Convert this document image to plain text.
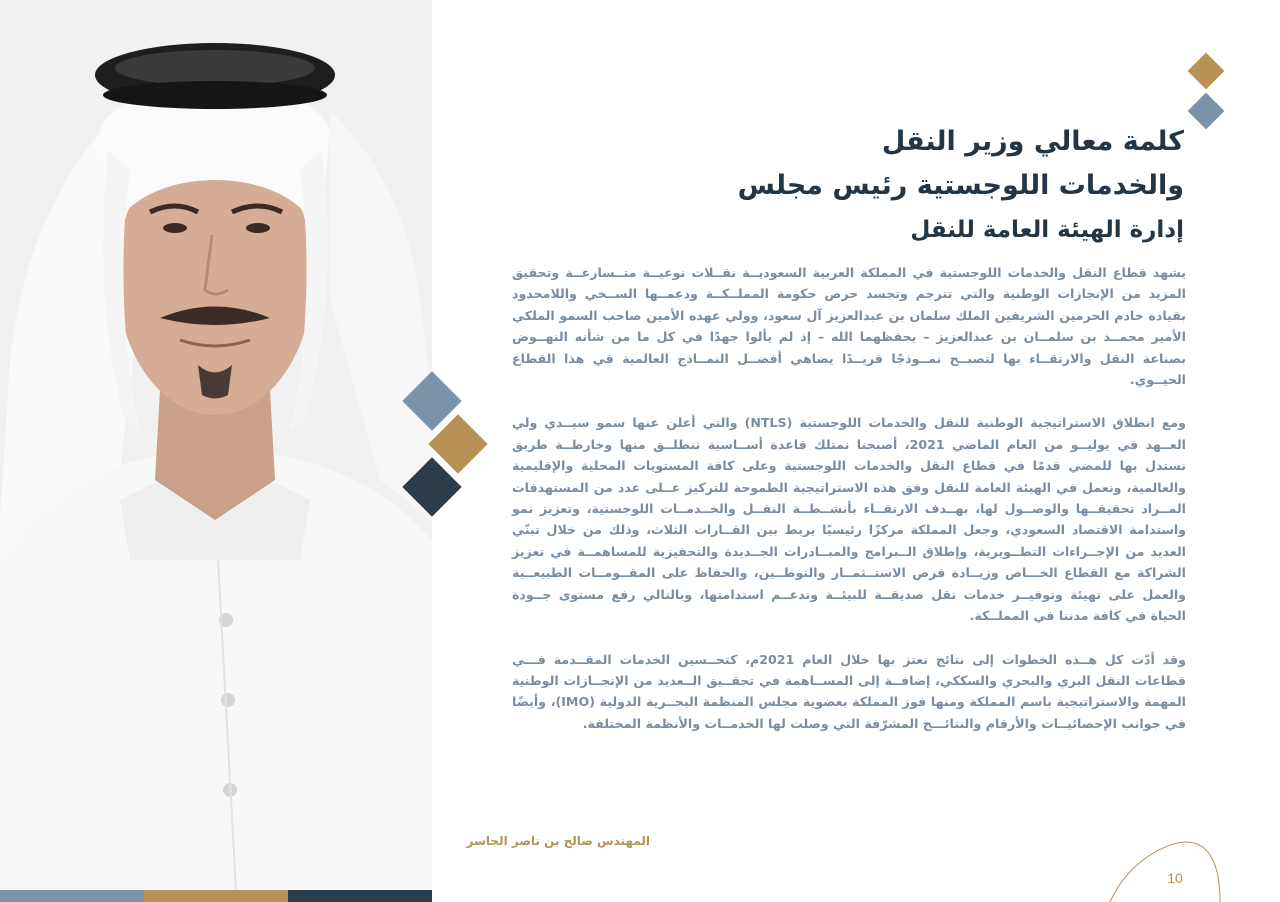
كلمة معالي وزير النقل
والخدمات اللوجستية رئيس مجلس
إدارة الهيئة العامة للنقل

يشهد قطاع النقل والخدمات اللوجستية في المملكة العربية السعوديــة نقــلات نوعيــة متــسارعــة وتحقيق المزيد من الإنجازات الوطنية والتي تترجم وتجسد حرص حكومة المملــكــة ودعمــها الســخي واللامحدود بقيادة خادم الحرمين الشريفين الملك سلمان بن عبدالعزيز آل سعود، وولي عهده الأمين صاحب السمو الملكي الأمير محمــد بن سلمــان بن عبدالعزيز – يحفظهما الله – إذ لم يألوا جهدًا في كل ما من شأنه النهــوض بصناعة النقل والارتقــاء بها لتصبــح نمــوذجًا فريــدًا يضاهي أفضــل النمــاذج العالمية في هذا القطاع الحيــوي.

ومع انطلاق الاستراتيجية الوطنية للنقل والخدمات اللوجستية (NTLS) والتي أعلن عنها سمو سيــدي ولي العــهد في يوليــو من العام الماضي 2021، أصبحنا نمتلك قاعدة أســاسية ننطلــق منها وخارطــة طريق نستدل بها للمضي قدمًا في قطاع النقل والخدمات اللوجستية وعلى كافة المستويات المحلية والإقليمية والعالمية، ونعمل في الهيئة العامة للنقل وفق هذه الاستراتيجية الطموحة للتركيز عــلى عدد من المستهدفات المــراد تحقيقــها والوصــول لها، بهــدف الارتقــاء بأنشــطــة النقــل والخــدمــات اللوجستية، وتعزيز نمو واستدامة الاقتصاد السعودي، وجعل المملكة مركزًا رئيسيًا يربط بين القــارات الثلاث، وذلك من خلال تبنّي العديد من الإجــراءات التطــويرية، وإطلاق الــبرامج والمبــادرات الجــديدة والتحفيزية للمساهمــة في تعزيز الشراكة مع القطاع الخـــاص وزيــادة فرص الاستــثمــار والتوطــين، والحفاظ على المقــومــات الطبيعــية والعمل على تهيئة وتوفيــر خدمات نقل صديقــة للبيئــة وتدعــم استدامتها، وبالتالي رفع مستوى جــودة الحياة في كافة مدننا في المملــكة.

وقد أدّت كل هــذه الخطوات إلى نتائج نعتز بها خلال العام 2021م، كتحــسين الخدمات المقــدمة فـــي قطاعات النقل البري والبحري والسككي، إضافــة إلى المســاهمة في تحقــيق الــعديد من الإنجــازات الوطنية المهمة والاستراتيجية باسم المملكة ومنها فوز المملكة بعضوية مجلس المنظمة البحــرية الدولية (IMO)، وأيضًا في جوانب الإحصائيــات والأرقام والنتائـــج المشرّفة التي وصلت لها الخدمــات والأنظمة المختلفة.

المهندس صالح بن ناصر الجاسر
10
